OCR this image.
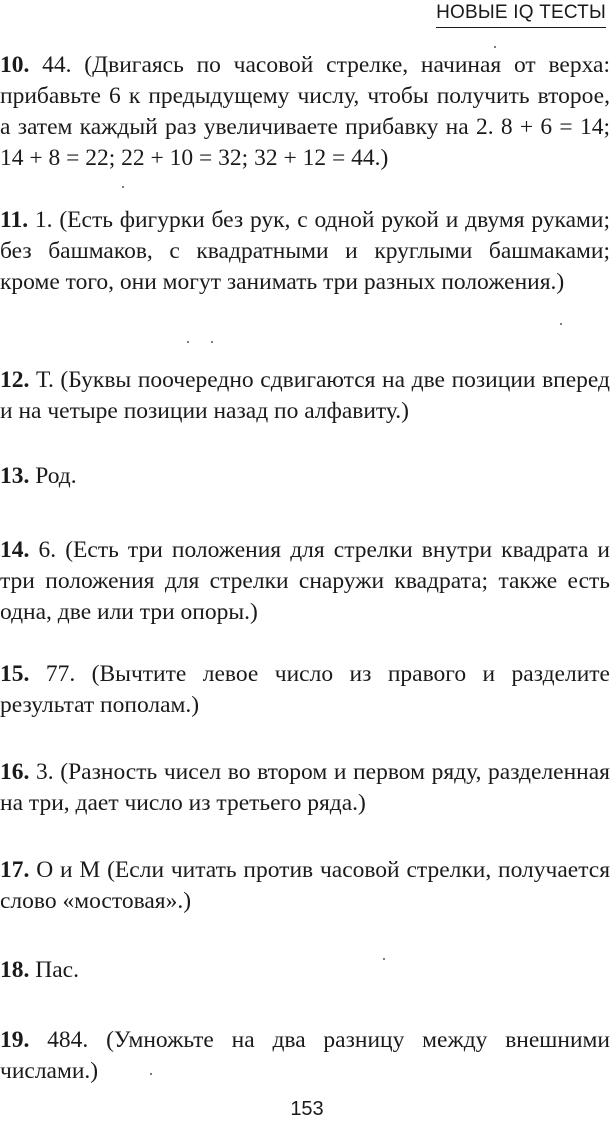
НОВЫЕ IQ ТЕСТЫ
10. 44. (Двигаясь по часовой стрелке, начиная от верха: прибавьте 6 к предыдущему числу, чтобы получить второе, а затем каждый раз увеличиваете прибавку на 2. 8 + 6 = 14; 14 + 8 = 22; 22 + 10 = 32; 32 + 12 = 44.)
11. 1. (Есть фигурки без рук, с одной рукой и двумя руками; без башмаков, с квадратными и круглыми башмаками; кроме того, они могут занимать три разных положения.)
12. Т. (Буквы поочередно сдвигаются на две позиции вперед и на четыре позиции назад по алфавиту.)
13. Род.
14. 6. (Есть три положения для стрелки внутри квадрата и три положения для стрелки снаружи квадрата; также есть одна, две или три опоры.)
15. 77. (Вычтите левое число из правого и разделите результат пополам.)
16. 3. (Разность чисел во втором и первом ряду, разделенная на три, дает число из третьего ряда.)
17. О и М (Если читать против часовой стрелки, получается слово «мостовая».)
18. Пас.
19. 484. (Умножьте на два разницу между внешними числами.)
153
